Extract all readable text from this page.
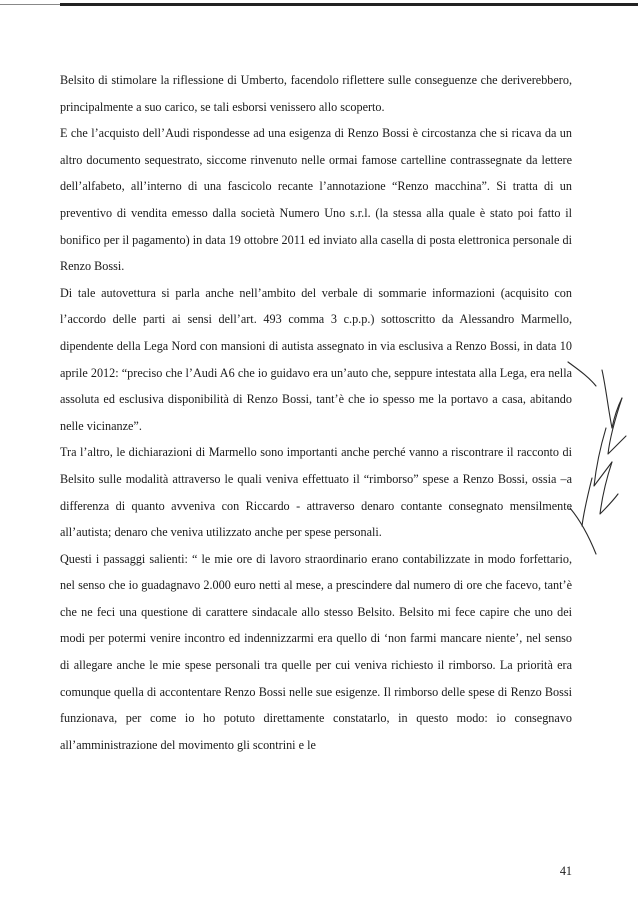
Belsito di stimolare la riflessione di Umberto, facendolo riflettere sulle conseguenze che deriverebbero, principalmente a suo carico, se tali esborsi venissero allo scoperto.

E che l’acquisto dell’Audi rispondesse ad una esigenza di Renzo Bossi è circostanza che si ricava da un altro documento sequestrato, siccome rinvenuto nelle ormai famose cartelline contrassegnate da lettere dell’alfabeto, all’interno di una fascicolo recante l’annotazione “Renzo macchina”. Si tratta di un preventivo di vendita emesso dalla società Numero Uno s.r.l. (la stessa alla quale è stato poi fatto il bonifico per il pagamento) in data 19 ottobre 2011 ed inviato alla casella di posta elettronica personale di Renzo Bossi.

Di tale autovettura si parla anche nell’ambito del verbale di sommarie informazioni (acquisito con l’accordo delle parti ai sensi dell’art. 493 comma 3 c.p.p.) sottoscritto da Alessandro Marmello, dipendente della Lega Nord con mansioni di autista assegnato in via esclusiva a Renzo Bossi, in data 10 aprile 2012: “preciso che l’Audi A6 che io guidavo era un’auto che, seppure intestata alla Lega, era nella assoluta ed esclusiva disponibilità di Renzo Bossi, tant’è che io spesso me la portavo a casa, abitando nelle vicinanze”.

Tra l’altro, le dichiarazioni di Marmello sono importanti anche perché vanno a riscontrare il racconto di Belsito sulle modalità attraverso le quali veniva effettuato il “rimborso” spese a Renzo Bossi, ossia –a differenza di quanto avveniva con Riccardo - attraverso denaro contante consegnato mensilmente all’autista; denaro che veniva utilizzato anche per spese personali.

Questi i passaggi salienti: “ le mie ore di lavoro straordinario erano contabilizzate in modo forfettario, nel senso che io guadagnavo 2.000 euro netti al mese, a prescindere dal numero di ore che facevo, tant’è che ne feci una questione di carattere sindacale allo stesso Belsito. Belsito mi fece capire che uno dei modi per potermi venire incontro ed indennizzarmi era quello di ‘non farmi mancare niente’, nel senso di allegare anche le mie spese personali tra quelle per cui veniva richiesto il rimborso. La priorità era comunque quella di accontentare Renzo Bossi nelle sue esigenze. Il rimborso delle spese di Renzo Bossi funzionava, per come io ho potuto direttamente constatarlo, in questo modo: io consegnavo all’amministrazione del movimento gli scontrini e le

41
